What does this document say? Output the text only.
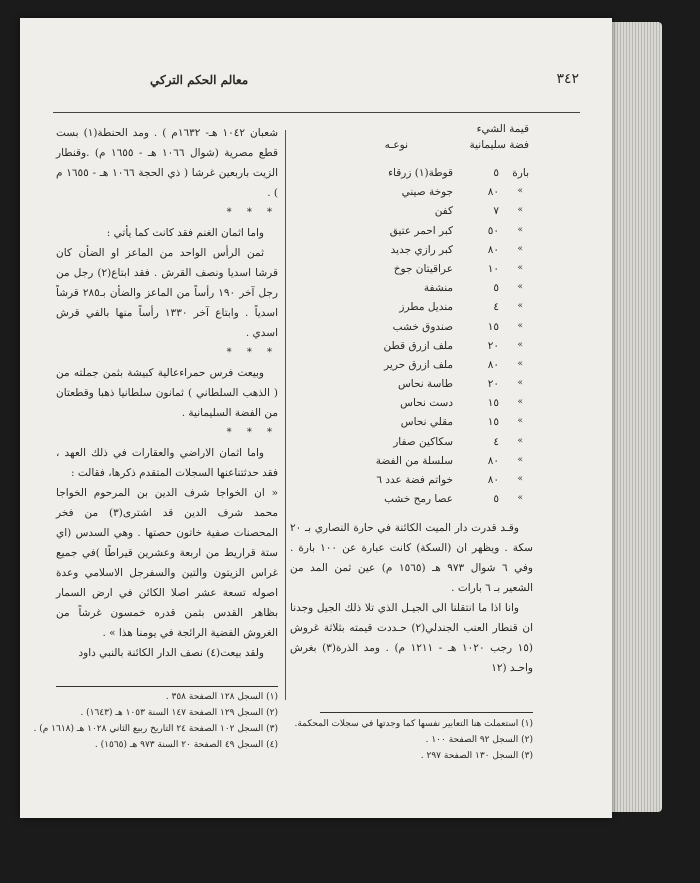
٣٤٢
معالم الحكم التركي
قيمة الشيء
فضة سليمانية
نوعـه
بارة
٥
قوطة(١) زرقاء
»
٨٠
جوخة صيني
»
٧
كفن
»
٥٠
كبر احمر عتيق
»
٨٠
كبر رازي جديد
»
١٠
عراقيتان جوخ
»
٥
منشفة
»
٤
منديل مطرز
»
١٥
صندوق خشب
»
٢٠
ملف ازرق قطن
»
٨٠
ملف ازرق حرير
»
٢٠
طاسة نحاس
»
١٥
دست نحاس
»
١٥
مقلي نحاس
»
٤
سكاكين صفار
»
٨٠
سلسلة من الفضة
»
٨٠
خواتم فضة عدد ٦
»
٥
عصا رمح خشب

وقـد قدرت دار الميت الكائنة في حارة النصاري بـ ٢٠ سكة . ويظهر ان (السكة) كانت عبارة عن ١٠٠ بارة . وفي ٦ شوال ٩٧٣ هـ (١٥٦٥ م) عين ثمن المد من الشعير بـ ٦ بارات .

وانا اذا ما انتقلنا الى الجيـل الذي تلا ذلك الجيل وجدنا ان قنطار العنب الجندلي(٢) حـددت قيمته بثلاثة غروش (١٥ رجب ١٠٢٠ هـ - ١٢١١ م) . ومد الذرة(٣) بغرش واحـد (١٢

شعبان ١٠٤٢ هـ- ١٦٣٢م ) . ومد الحنطة(١) بست قطع مصرية (شوال ١٠٦٦ هـ - ١٦٥٥ م) .وقنطار الزيت باربعين غرشا ( ذي الحجة ١٠٦٦ هـ - ١٦٥٥ م ) .

* * *

واما اثمان الغنم فقد كانت كما يأتي :

ثمن الرأس الواحد من الماعز او الضأن كان قرشا اسديا ونصف القرش . فقد ابتاع(٢) رجل من رجل آخر ١٩٠ رأساً من الماعز والضأن بـ٢٨٥ قرشاً اسدياً . وابتاع آخر ١٣٣٠ رأساً منها بالفي قرش اسدي .

* * *

وبيعت فرس حمراءعالية كبيشة بثمن جملته من ( الذهب السلطاني ) ثمانون سلطانيا ذهبا وقطعتان من الفضة السليمانية .

* * *

واما اثمان الاراضي والعقارات في ذلك العهد ، فقد حدثتناعنها السجلات المتقدم ذكرها، فقالت :

« ان الخواجا شرف الدين بن المرحوم الخواجا محمد شرف الدين قد اشترى(٣) من فخر المحصنات صفية خاتون حصتها . وهي السدس (اي ستة قراريط من اربعة وعشرين قيراطًا )في جميع غراس الزيتون والتين والسفرجل الاسلامي وعدة اصوله تسعة عشر اصلا الكائن في ارض السمار بظاهر القدس بثمن قدره خمسون غرشاً من الغروش الفضية الرائجة في يومنا هذا » .

ولقد بيعت(٤) نصف الدار الكائنة بالنبي داود

(١) السجل ١٢٨ الصفحة ٣٥٨ .
(٢) السجل ١٢٩ الصفحة ١٤٧ السنة ١٠٥٣ هـ (١٦٤٣) .
(٣) السجل ١٠٢ الصفحة ٢٤ التاريخ ربيع الثاني ١٠٢٨ هـ (١٦١٨ م) .
(٤) السجل ٤٩ الصفحة ٢٠ السنة ٩٧٣ هـ (١٥٦٥) .
(١) استعملت هنا التعابير نفسها كما وجدتها في سجلات المحكمة.
(٢) السجل ٩٢ الصفحة ١٠٠ .
(٣) السجل ١٣٠ الصفحة ٢٩٧ .
